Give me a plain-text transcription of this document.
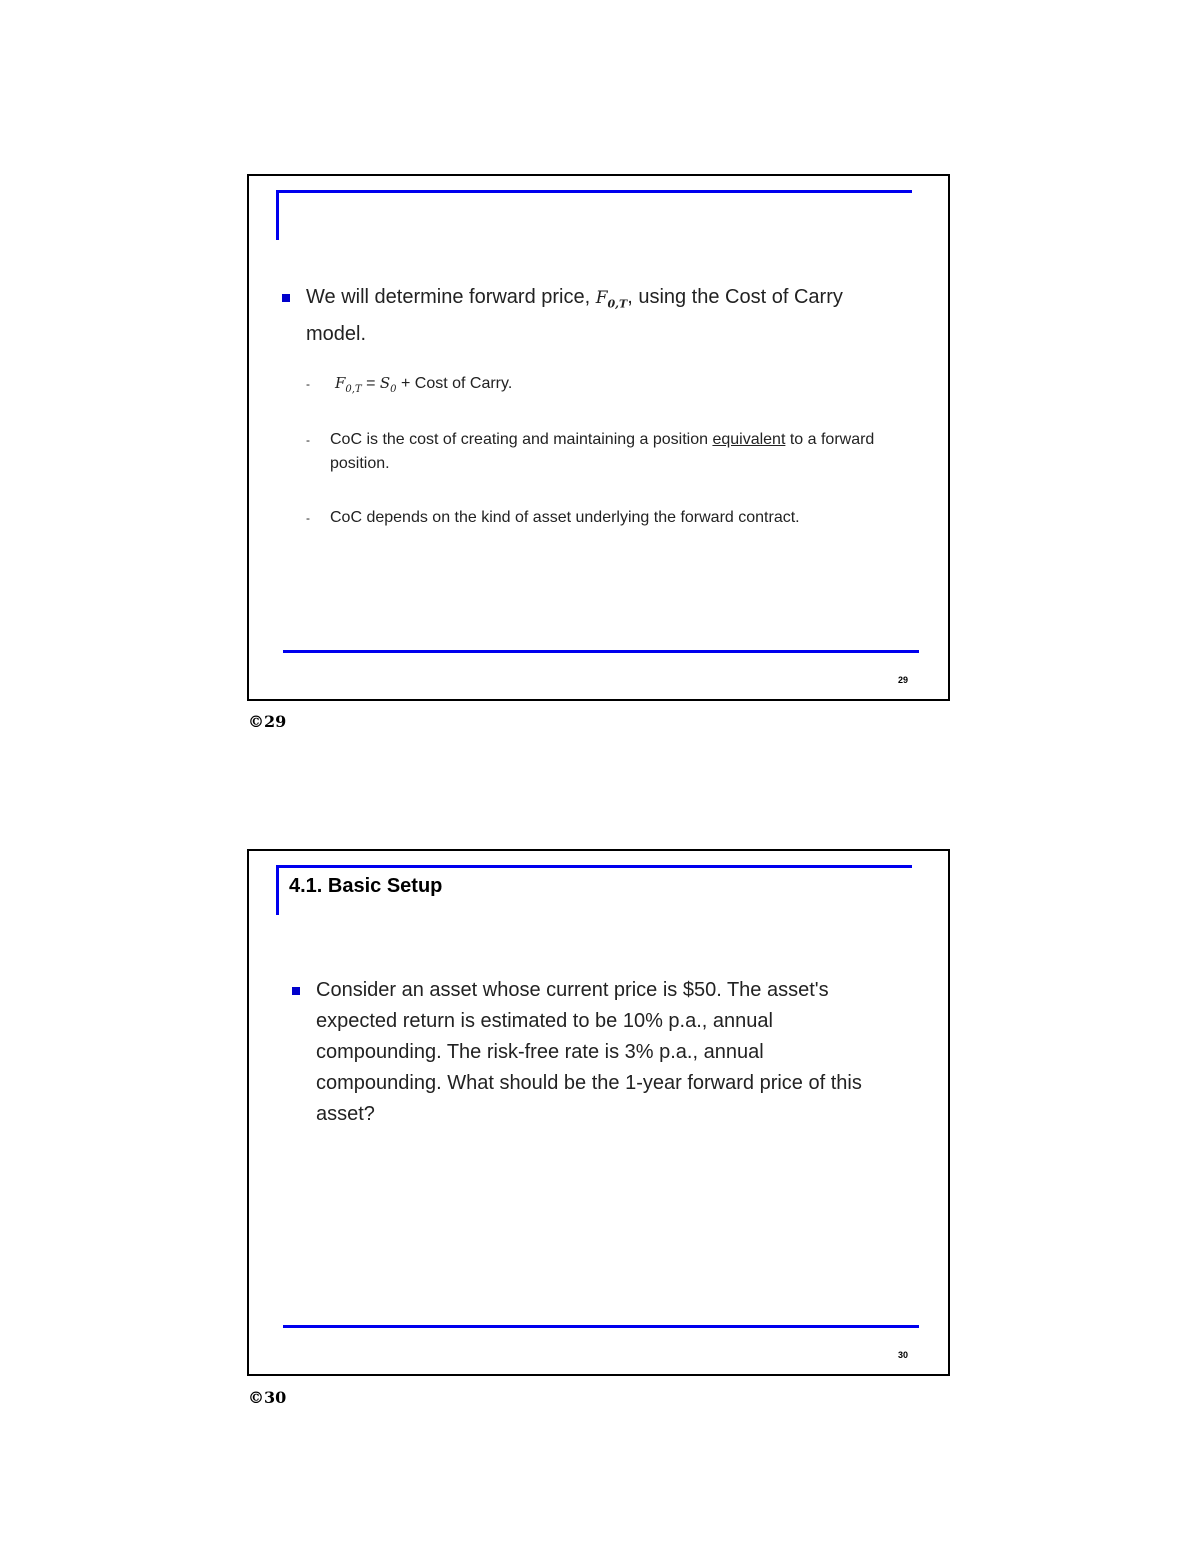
We will determine forward price, $F_{0,T}$, using the Cost of Carry model.
- $F_{0,T} = S_0$ + Cost of Carry.
- CoC is the cost of creating and maintaining a position equivalent to a forward position.
- CoC depends on the kind of asset underlying the forward contract.
29
©29
4.1. Basic Setup
Consider an asset whose current price is $50. The asset's expected return is estimated to be 10% p.a., annual compounding. The risk-free rate is 3% p.a., annual compounding. What should be the 1-year forward price of this asset?
30
©30
